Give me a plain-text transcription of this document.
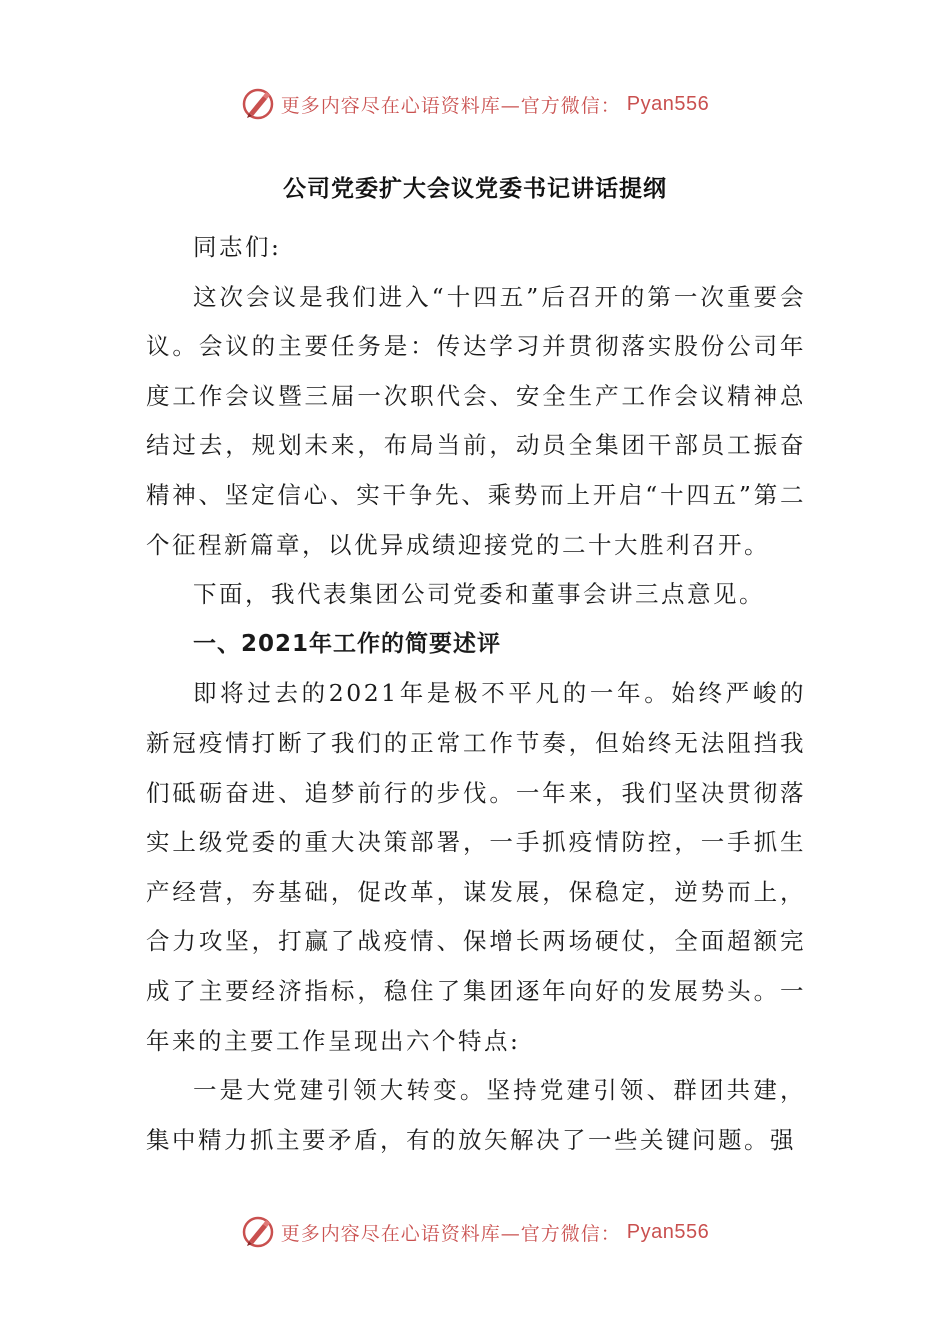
更多内容尽在心语资料库—官方微信： Pyan556
公司党委扩大会议党委书记讲话提纲

同志们:

这次会议是我们进入“十四五”后召开的第一次重要会议。会议的主要任务是：传达学习并贯彻落实股份公司年度工作会议暨三届一次职代会、安全生产工作会议精神总结过去，规划未来，布局当前，动员全集团干部员工振奋精神、坚定信心、实干争先、乘势而上开启“十四五”第二个征程新篇章，以优异成绩迎接党的二十大胜利召开。

下面，我代表集团公司党委和董事会讲三点意见。

一、2021年工作的简要述评

即将过去的2021年是极不平凡的一年。始终严峻的新冠疫情打断了我们的正常工作节奏，但始终无法阻挡我们砥砺奋进、追梦前行的步伐。一年来，我们坚决贯彻落实上级党委的重大决策部署，一手抓疫情防控，一手抓生产经营，夯基础，促改革，谋发展，保稳定，逆势而上，合力攻坚，打赢了战疫情、保增长两场硬仗，全面超额完成了主要经济指标，稳住了集团逐年向好的发展势头。一年来的主要工作呈现出六个特点:

一是大党建引领大转变。坚持党建引领、群团共建，集中精力抓主要矛盾，有的放矢解决了一些关键问题。强

更多内容尽在心语资料库—官方微信： Pyan556
